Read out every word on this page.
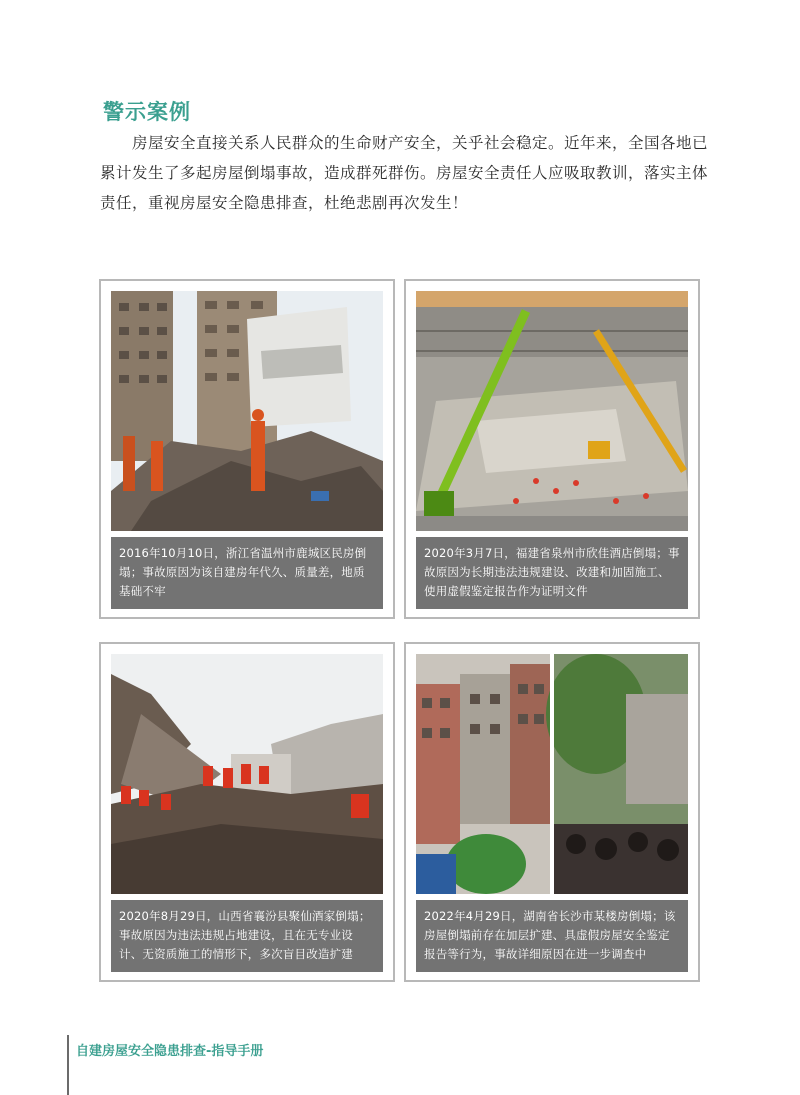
警示案例
房屋安全直接关系人民群众的生命财产安全，关乎社会稳定。近年来，全国各地已累计发生了多起房屋倒塌事故，造成群死群伤。房屋安全责任人应吸取教训，落实主体责任，重视房屋安全隐患排查，杜绝悲剧再次发生！
2016年10月10日，浙江省温州市鹿城区民房倒塌；事故原因为该自建房年代久、质量差，地质基础不牢
2020年3月7日，福建省泉州市欣佳酒店倒塌；事故原因为长期违法违规建设、改建和加固施工、使用虚假鉴定报告作为证明文件
2020年8月29日，山西省襄汾县聚仙酒家倒塌；事故原因为违法违规占地建设，且在无专业设计、无资质施工的情形下，多次盲目改造扩建
2022年4月29日，湖南省长沙市某楼房倒塌；该房屋倒塌前存在加层扩建、具虚假房屋安全鉴定报告等行为，事故详细原因在进一步调查中
自建房屋安全隐患排查-指导手册
